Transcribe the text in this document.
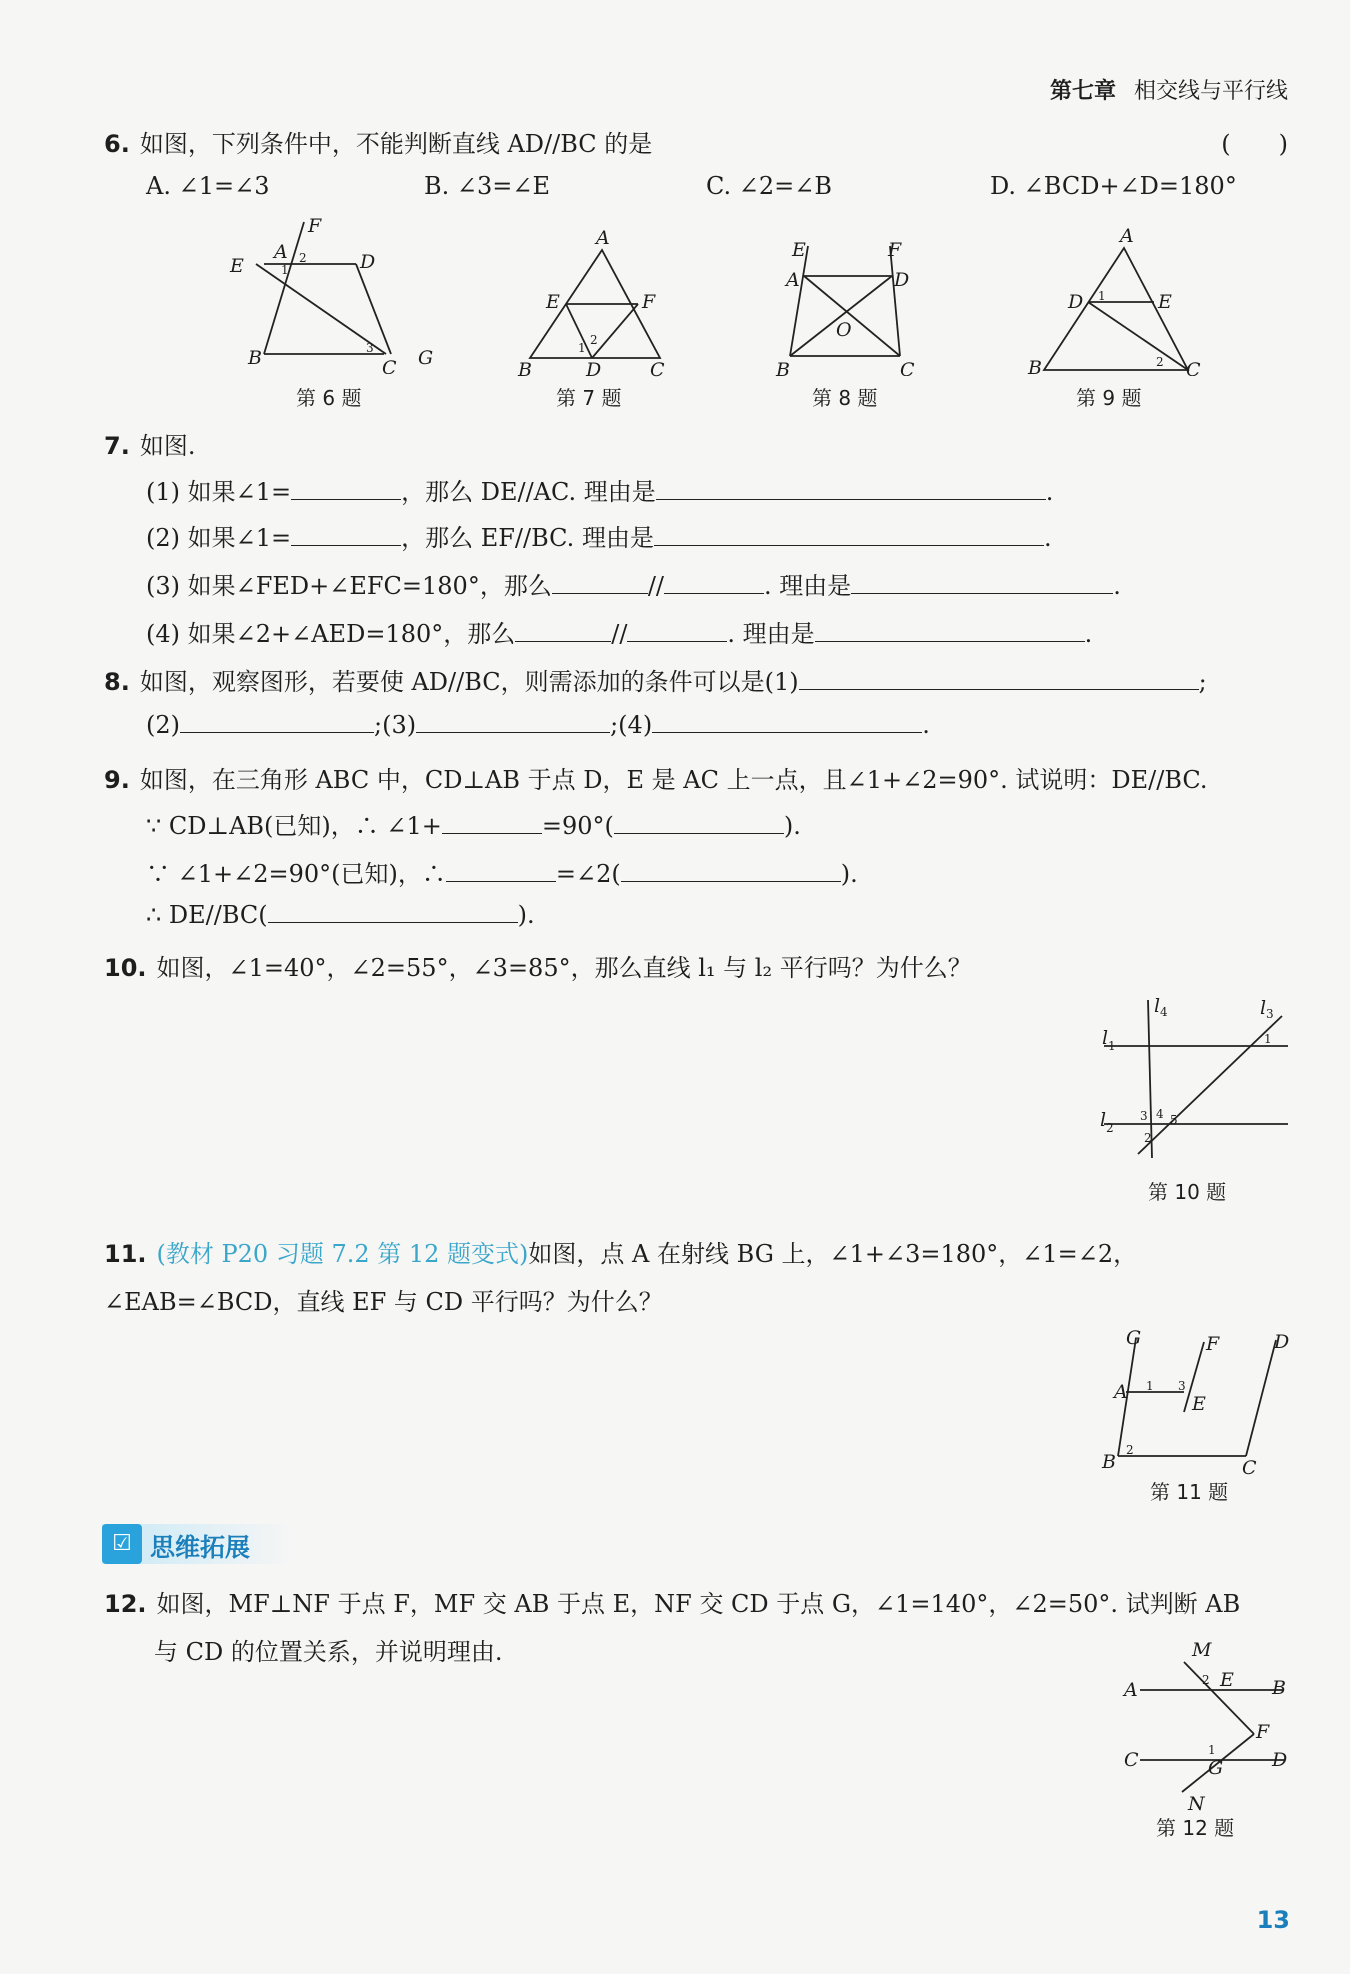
第七章 相交线与平行线
6. 如图，下列条件中，不能判断直线 AD//BC 的是	(　　)
A. ∠1=∠3	B. ∠3=∠E	C. ∠2=∠B	D. ∠BCD+∠D=180°
E
A
F
D
B	C G
1
2
3
第 6 题
A
E	F
B	D	C
1
2
第 7 题
E	F
A	D
O
B	C
第 8 题
A
D	E
B	C
1
2
第 9 题
7. 如图.
(1) 如果∠1=	，那么 DE//AC. 理由是	.
(2) 如果∠1=	，那么 EF//BC. 理由是	.
(3) 如果∠FED+∠EFC=180°，那么	//	. 理由是	.
(4) 如果∠2+∠AED=180°，那么	//	. 理由是	.
8. 如图，观察图形，若要使 AD//BC，则需添加的条件可以是(1)	;
(2)	;(3)	;(4)	.
9. 如图，在三角形 ABC 中，CD⊥AB 于点 D，E 是 AC 上一点，且∠1+∠2=90°. 试说明：DE//BC.
∵ CD⊥AB(已知)，∴ ∠1+	=90°(	).
∵ ∠1+∠2=90°(已知)，∴	=∠2(	).
∴ DE//BC(	).
10. 如图，∠1=40°，∠2=55°，∠3=85°，那么直线 l₁ 与 l₂ 平行吗？为什么？
l 4	l 3
l 1
l 2
1
3 4 5
2
第 10 题
11. (教材 P20 习题 7.2 第 12 题变式)如图，点 A 在射线 BG 上，∠1+∠3=180°，∠1=∠2，
∠EAB=∠BCD，直线 EF 与 CD 平行吗？为什么？
G	F	D
A
E
B	C
1 3
2
第 11 题
☑ 思维拓展
12. 如图，MF⊥NF 于点 F，MF 交 AB 于点 E，NF 交 CD 于点 G，∠1=140°，∠2=50°. 试判断 AB
与 CD 的位置关系，并说明理由.	M
E B
A
F
C	D
G
N
2
1
第 12 题
13
